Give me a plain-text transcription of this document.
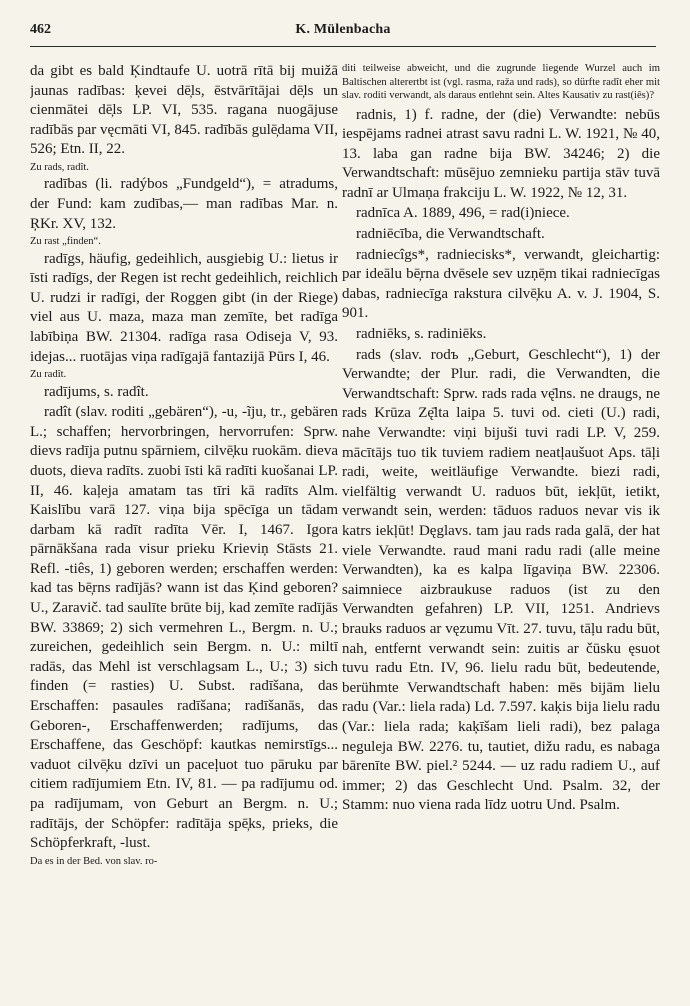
462	K. Mülenbacha

da gibt es bald Ķindtaufe U. uotrā rītā bij muižā jaunas radības: ķevei dē̦ls, ēstvārītājai dē̦ls un cienmātei dē̦ls LP. VI, 535. ragana nuogājuse radībās par vęcmāti VI, 845. radībās gulē̦dama VII, 526; Etn. II, 22.

Zu rads, radît.

radības (li. radýbos „Fundgeld“), = atradums, der Fund: kam zudības,— man radības Mar. n. ŖKr. XV, 132.

Zu rast „finden“.

radīgs, häufig, gedeihlich, ausgiebig U.: lietus ir īsti radīgs, der Regen ist recht gedeihlich, reichlich U. rudzi ir radīgi, der Roggen gibt (in der Riege) viel aus U. maza, maza man zemīte, bet radīga labībiņa BW. 21304. radīga rasa Odiseja V, 93. idejas... ruotājas viņa radīgajā fantazijā Pūrs I, 46.

Zu radît.

radījums, s. radît.

radît (slav. roditi „gebären“), -u, -ĩju, tr., gebären L.; schaffen; hervorbringen, hervorrufen: Sprw. dievs radīja putnu spārniem, cilvē̦ku ruokām. dieva duots, dieva radīts. zuobi īsti kā radīti kuošanai LP. II, 46. kaļeja amatam tas tīri kā radīts Alm. Kaislību varā 127. viņa bija spēcīga un tādam darbam kā radīt radīta Vēr. I, 1467. Igora pārnākšana rada visur prieku Krieviņ Stāsts 21. Refl. -tiês, 1) geboren werden; erschaffen werden: kad tas bē̦rns radījās? wann ist das Ķind geboren? U., Zaravič. tad saulīte brūte bij, kad zemīte radījās BW. 33869; 2) sich vermehren L., Bergm. n. U.; zureichen, gedeihlich sein Bergm. n. U.: miltī radās, das Mehl ist verschlagsam L., U.; 3) sich finden (= rasties) U. Subst. radīšana, das Erschaffen: pasaules radīšana; radīšanās, das Geboren-, Erschaffenwerden; radījums, das Erschaffene, das Geschöpf: kautkas nemirstīgs... vaduot cilvē̦ku dzīvi un paceļuot tuo pāruku par citiem radījumiem Etn. IV, 81. — pa radījumu od. pa radījumam, von Geburt an Bergm. n. U.; radītājs, der Schöpfer: radītāja spē̦ks, prieks, die Schöpferkraft, -lust.

Da es in der Bed. von slav. ro-

diti teilweise abweicht, und die zugrunde liegende Wurzel auch im Baltischen alterertbt ist (vgl. rasma, raža und rads), so dürfte radît eher mit slav. roditi verwandt, als daraus entlehnt sein. Altes Kausativ zu rast(iês)?

radnis, 1) f. radne, der (die) Verwandte: nebūs iespējams radnei atrast savu radni L. W. 1921, № 40, 13. laba gan radne bija BW. 34246; 2) die Verwandtschaft: mūsējuo zemnieku partija stāv tuvā radnī ar Ulmaņa frakciju L. W. 1922, № 12, 31.

radnīca A. 1889, 496, = rad(i)niece.

radniēcība, die Verwandtschaft.

radniecîgs*, radniecisks*, verwandt, gleichartig: par ideālu bē̦rna dvēsele sev uzņē̦m tikai radniecīgas dabas, radniecīga rakstura cilvē̦ku A. v. J. 1904, S. 901.

radniēks, s. radiniēks.

rads (slav. rodъ „Geburt, Geschlecht“), 1) der Verwandte; der Plur. radi, die Verwandten, die Verwandtschaft: Sprw. rads rada vę̄lns. ne draugs, ne rads Krūza Zę̄lta laipa 5. tuvi od. cieti (U.) radi, nahe Verwandte: viņi bijuši tuvi radi LP. V, 259. mācītājs tuo tik tuviem radiem neatļaušuot Aps. tāļi radi, weite, weitläufige Verwandte. biezi radi, vielfältig verwandt U. raduos būt, iekļūt, ietikt, verwandt sein, werden: tāduos raduos nevar vis ik katrs iekļūt! Dęglavs. tam jau rads rada galā, der hat viele Verwandte. raud mani radu radi (alle meine Verwandten), ka es kalpa līgaviņa BW. 22306. saimniece aizbraukuse raduos (ist zu den Verwandten gefahren) LP. VII, 1251. Andrievs brauks raduos ar vęzumu Vīt. 27. tuvu, tāļu radu būt, nah, entfernt verwandt sein: zuitis ar čūsku ęsuot tuvu radu Etn. IV, 96. lielu radu būt, bedeutende, berühmte Verwandtschaft haben: mēs bijām lielu radu (Var.: liela rada) Ld. 7.597. kaķis bija lielu radu (Var.: liela rada; kaķīšam lieli radi), bez palaga neguleja BW. 2276. tu, tautiet, dižu radu, es nabaga bārenīte BW. piel.² 5244. — uz radu radiem U., auf immer; 2) das Geschlecht Und. Psalm. 32, der Stamm: nuo viena rada līdz uotru Und. Psalm.
